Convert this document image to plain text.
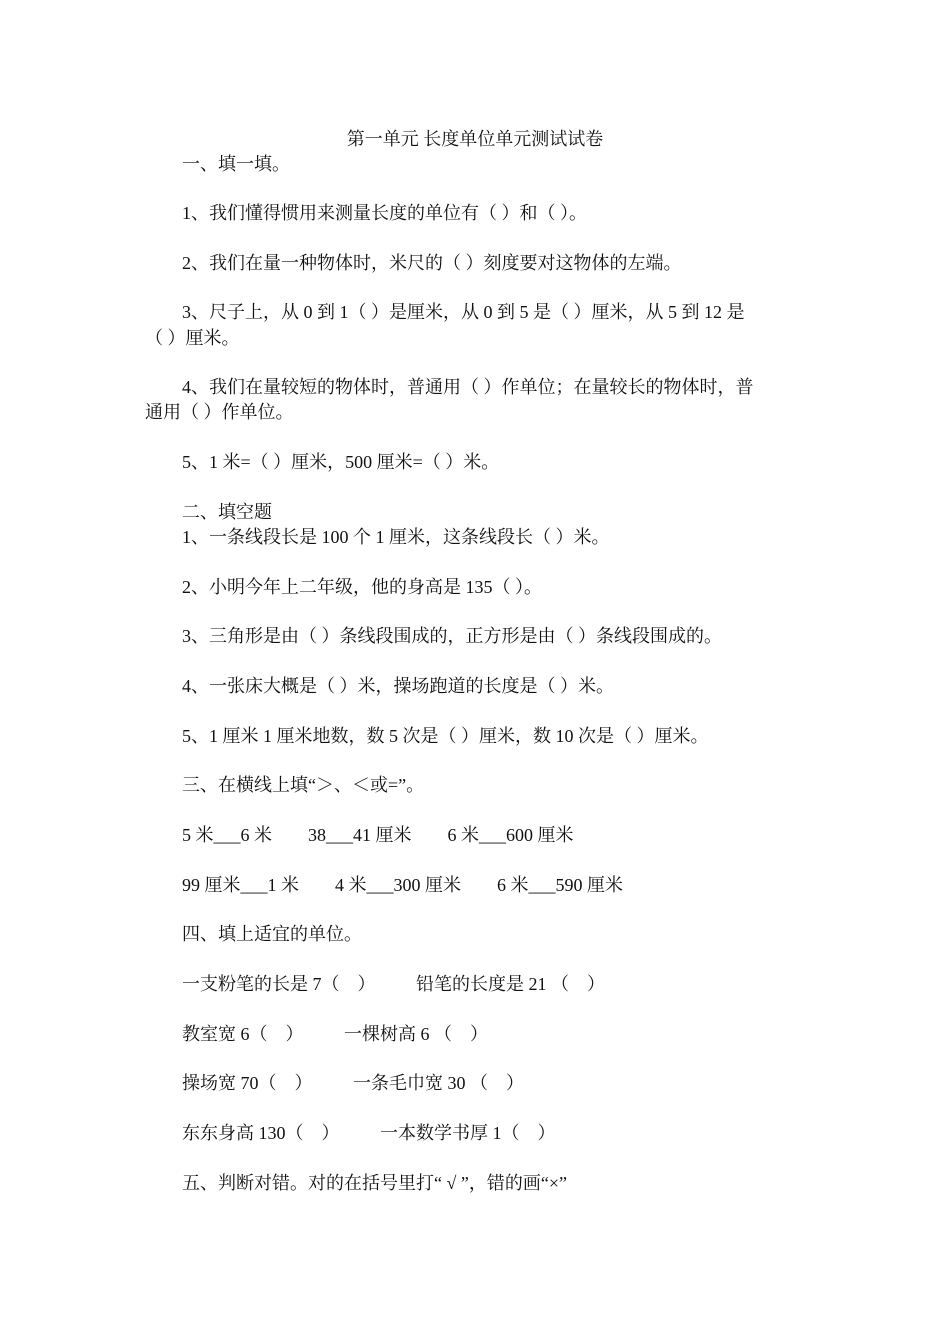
第一单元 长度单位单元测试试卷
一、填一填。
1、我们懂得惯用来测量长度的单位有（ ）和（ ）。
2、我们在量一种物体时，米尺的（ ）刻度要对这物体的左端。
3、尺子上，从 0 到 1（ ）是厘米，从 0 到 5 是（ ）厘米，从 5 到 12 是
（ ）厘米。
4、我们在量较短的物体时，普通用（ ）作单位；在量较长的物体时，普
通用（ ）作单位。
5、1 米=（ ）厘米，500 厘米=（ ）米。
二、填空题
1、一条线段长是 100 个 1 厘米，这条线段长（ ）米。
2、小明今年上二年级，他的身高是 135（ ）。
3、三角形是由（ ）条线段围成的，正方形是由（ ）条线段围成的。
4、一张床大概是（ ）米，操场跑道的长度是（ ）米。
5、1 厘米 1 厘米地数，数 5 次是（ ）厘米，数 10 次是（ ）厘米。
三、在横线上填“＞、＜或=”。
5 米___6 米        38___41 厘米        6 米___600 厘米
99 厘米___1 米        4 米___300 厘米        6 米___590 厘米
四、填上适宜的单位。
一支粉笔的长是 7（    ）         铅笔的长度是 21 （    ）
教室宽 6（    ）         一棵树高 6 （    ）
操场宽 70（    ）         一条毛巾宽 30 （    ）
东东身高 130（    ）         一本数学书厚 1（    ）
五、判断对错。对的在括号里打“ √ ”，错的画“×”
